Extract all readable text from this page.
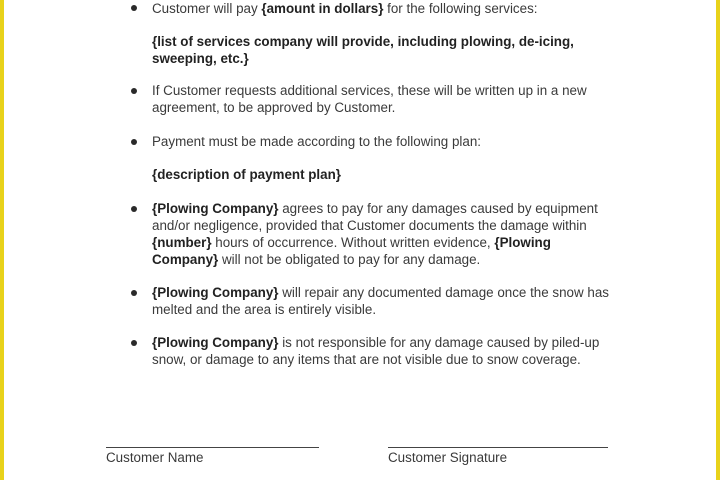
Customer will pay {amount in dollars} for the following services:
{list of services company will provide, including plowing, de-icing, sweeping, etc.}
If Customer requests additional services, these will be written up in a new agreement, to be approved by Customer.
Payment must be made according to the following plan:
{description of payment plan}
{Plowing Company} agrees to pay for any damages caused by equipment and/or negligence, provided that Customer documents the damage within {number} hours of occurrence. Without written evidence, {Plowing Company} will not be obligated to pay for any damage.
{Plowing Company} will repair any documented damage once the snow has melted and the area is entirely visible.
{Plowing Company} is not responsible for any damage caused by piled-up snow, or damage to any items that are not visible due to snow coverage.
Customer Name	Customer Signature
